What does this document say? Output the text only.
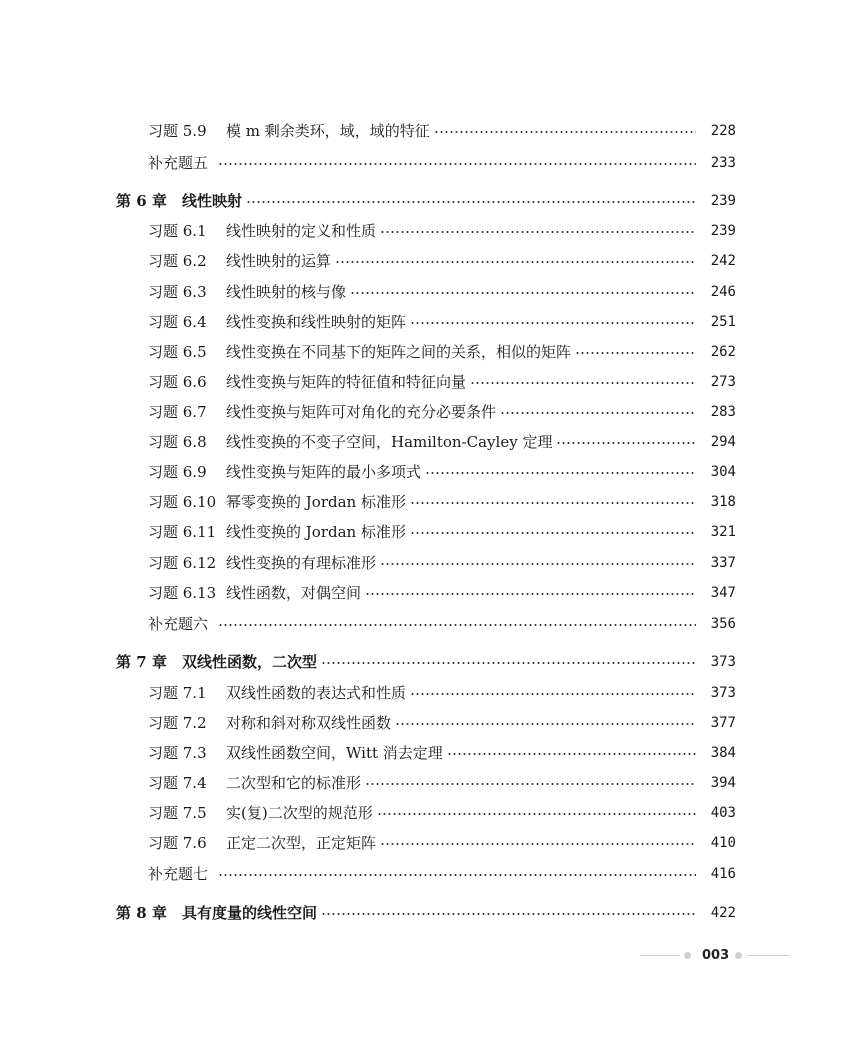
习题 5.9 模 m 剩余类环，域，域的特征	228
补充题五	233
第 6 章 线性映射	239
习题 6.1 线性映射的定义和性质	239
习题 6.2 线性映射的运算	242
习题 6.3 线性映射的核与像	246
习题 6.4 线性变换和线性映射的矩阵	251
习题 6.5 线性变换在不同基下的矩阵之间的关系，相似的矩阵	262
习题 6.6 线性变换与矩阵的特征值和特征向量	273
习题 6.7 线性变换与矩阵可对角化的充分必要条件	283
习题 6.8 线性变换的不变子空间，Hamilton-Cayley 定理	294
习题 6.9 线性变换与矩阵的最小多项式	304
习题 6.10 幂零变换的 Jordan 标准形	318
习题 6.11 线性变换的 Jordan 标准形	321
习题 6.12 线性变换的有理标准形	337
习题 6.13 线性函数，对偶空间	347
补充题六	356
第 7 章 双线性函数，二次型	373
习题 7.1 双线性函数的表达式和性质	373
习题 7.2 对称和斜对称双线性函数	377
习题 7.3 双线性函数空间，Witt 消去定理	384
习题 7.4 二次型和它的标准形	394
习题 7.5 实(复)二次型的规范形	403
习题 7.6 正定二次型，正定矩阵	410
补充题七	416
第 8 章 具有度量的线性空间	422
003
